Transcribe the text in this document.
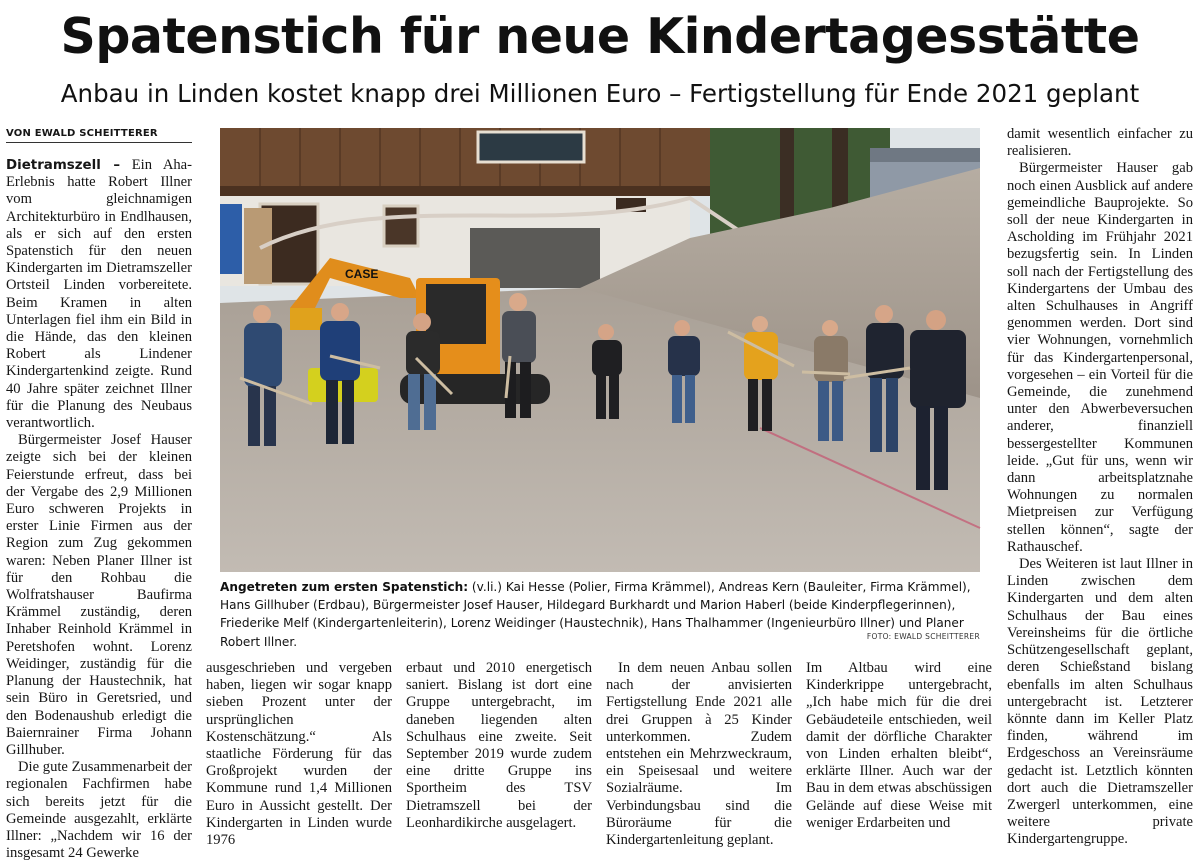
Spatenstich für neue Kindertagesstätte
Anbau in Linden kostet knapp drei Millionen Euro – Fertigstellung für Ende 2021 geplant
VON EWALD SCHEITTERER

Dietramszell – Ein Aha-Erlebnis hatte Robert Illner vom gleichnamigen Architekturbüro in Endlhausen, als er sich auf den ersten Spatenstich für den neuen Kindergarten im Dietramszeller Ortsteil Linden vorbereitete. Beim Kramen in alten Unterlagen fiel ihm ein Bild in die Hände, das den kleinen Robert als Lindener Kindergartenkind zeigte. Rund 40 Jahre später zeichnet Illner für die Planung des Neubaus verantwortlich.

Bürgermeister Josef Hauser zeigte sich bei der kleinen Feierstunde erfreut, dass bei der Vergabe des 2,9 Millionen Euro schweren Projekts in erster Linie Firmen aus der Region zum Zug gekommen waren: Neben Planer Illner ist für den Rohbau die Wolfratshauser Baufirma Krämmel zuständig, deren Inhaber Reinhold Krämmel in Peretshofen wohnt. Lorenz Weidinger, zuständig für die Planung der Haustechnik, hat sein Büro in Geretsried, und den Bodenaushub erledigt die Baiernrainer Firma Johann Gillhuber.

Die gute Zusammenarbeit der regionalen Fachfirmen habe sich bereits jetzt für die Gemeinde ausgezahlt, erklärte Illner: „Nachdem wir 16 der insgesamt 24 Gewerke

CASE
Angetreten zum ersten Spatenstich: (v.li.) Kai Hesse (Polier, Firma Krämmel), Andreas Kern (Bauleiter, Firma Krämmel), Hans Gillhuber (Erdbau), Bürgermeister Josef Hauser, Hildegard Burkhardt und Marion Haberl (beide Kinderpflegerinnen), Friederike Melf (Kindergartenleiterin), Lorenz Weidinger (Haustechnik), Hans Thalhammer (Ingenieurbüro Illner) und Planer Robert Illner.	FOTO: EWALD SCHEITTERER

ausgeschrieben und vergeben haben, liegen wir sogar knapp sieben Prozent unter der ursprünglichen Kostenschätzung.“ Als staatliche Förderung für das Großprojekt wurden der Kommune rund 1,4 Millionen Euro in Aussicht gestellt. Der Kindergarten in Linden wurde 1976

erbaut und 2010 energetisch saniert. Bislang ist dort eine Gruppe untergebracht, im daneben liegenden alten Schulhaus eine zweite. Seit September 2019 wurde zudem eine dritte Gruppe ins Sportheim des TSV Dietramszell bei der Leonhardikirche ausgelagert.

In dem neuen Anbau sollen nach der anvisierten Fertigstellung Ende 2021 alle drei Gruppen à 25 Kinder unterkommen. Zudem entstehen ein Mehrzweckraum, ein Speisesaal und weitere Sozialräume. Im Verbindungsbau sind die Büroräume für die Kindergartenleitung geplant.

Im Altbau wird eine Kinderkrippe untergebracht, „Ich habe mich für die drei Gebäudeteile entschieden, weil damit der dörfliche Charakter von Linden erhalten bleibt“, erklärte Illner. Auch war der Bau in dem etwas abschüssigen Gelände auf diese Weise mit weniger Erdarbeiten und

damit wesentlich einfacher zu realisieren.

Bürgermeister Hauser gab noch einen Ausblick auf andere gemeindliche Bauprojekte. So soll der neue Kindergarten in Ascholding im Frühjahr 2021 bezugsfertig sein. In Linden soll nach der Fertigstellung des Kindergartens der Umbau des alten Schulhauses in Angriff genommen werden. Dort sind vier Wohnungen, vornehmlich für das Kindergartenpersonal, vorgesehen – ein Vorteil für die Gemeinde, die zunehmend unter den Abwerbeversuchen anderer, finanziell bessergestellter Kommunen leide. „Gut für uns, wenn wir dann arbeitsplatznahe Wohnungen zu normalen Mietpreisen zur Verfügung stellen können“, sagte der Rathauschef.

Des Weiteren ist laut Illner in Linden zwischen dem Kindergarten und dem alten Schulhaus der Bau eines Vereinsheims für die örtliche Schützengesellschaft geplant, deren Schießstand bislang ebenfalls im alten Schulhaus untergebracht ist. Letzterer könnte dann im Keller Platz finden, während im Erdgeschoss an Vereinsräume gedacht ist. Letztlich könnten dort auch die Dietramszeller Zwergerl unterkommen, eine weitere private Kindergartengruppe.
